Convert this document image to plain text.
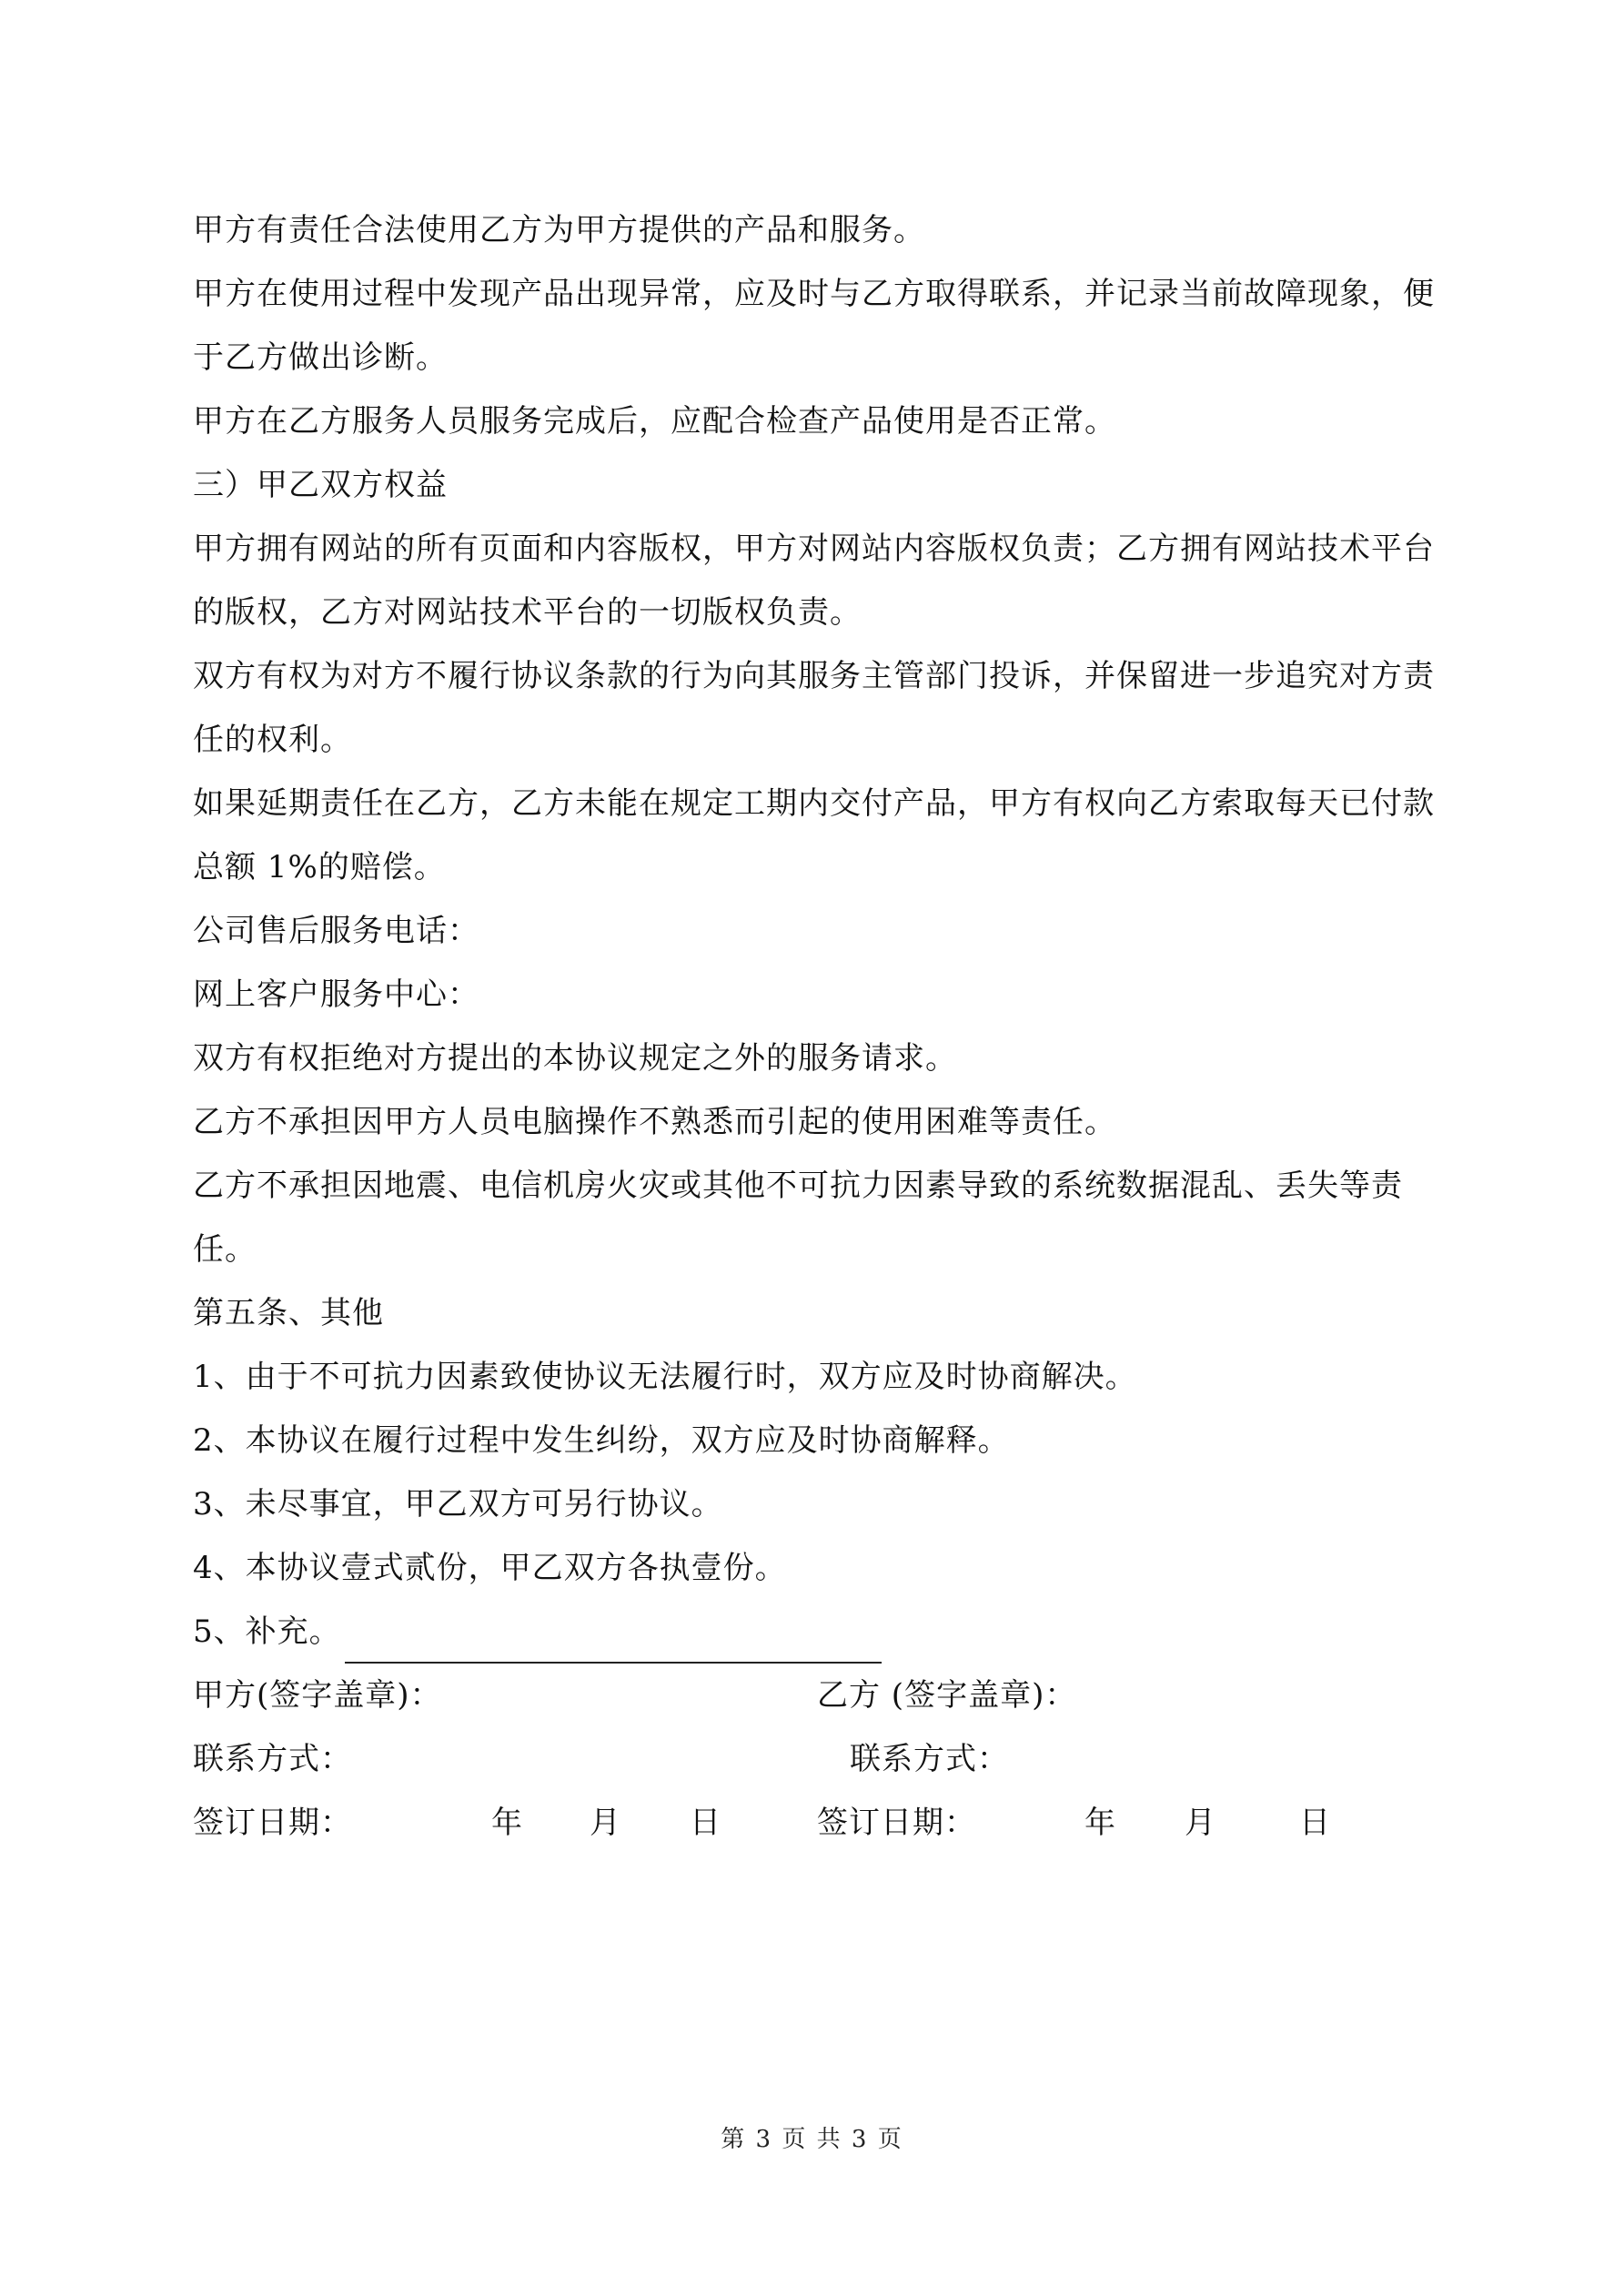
甲方有责任合法使用乙方为甲方提供的产品和服务。

甲方在使用过程中发现产品出现异常，应及时与乙方取得联系，并记录当前故障现象，便于乙方做出诊断。

甲方在乙方服务人员服务完成后，应配合检查产品使用是否正常。

三）甲乙双方权益

甲方拥有网站的所有页面和内容版权，甲方对网站内容版权负责；乙方拥有网站技术平台的版权，乙方对网站技术平台的一切版权负责。

双方有权为对方不履行协议条款的行为向其服务主管部门投诉，并保留进一步追究对方责任的权利。

如果延期责任在乙方，乙方未能在规定工期内交付产品，甲方有权向乙方索取每天已付款总额 1%的赔偿。

公司售后服务电话：

网上客户服务中心：

双方有权拒绝对方提出的本协议规定之外的服务请求。

乙方不承担因甲方人员电脑操作不熟悉而引起的使用困难等责任。

乙方不承担因地震、电信机房火灾或其他不可抗力因素导致的系统数据混乱、丢失等责任。

第五条、其他

1、由于不可抗力因素致使协议无法履行时，双方应及时协商解决。

2、本协议在履行过程中发生纠纷，双方应及时协商解释。

3、未尽事宜，甲乙双方可另行协议。

4、本协议壹式贰份，甲乙双方各执壹份。

5、补充。

甲方(签字盖章)：	乙方 (签字盖章)：
联系方式：	联系方式：
签订日期：	年 月 日	签订日期：	年 月	日
第 3 页 共 3 页
